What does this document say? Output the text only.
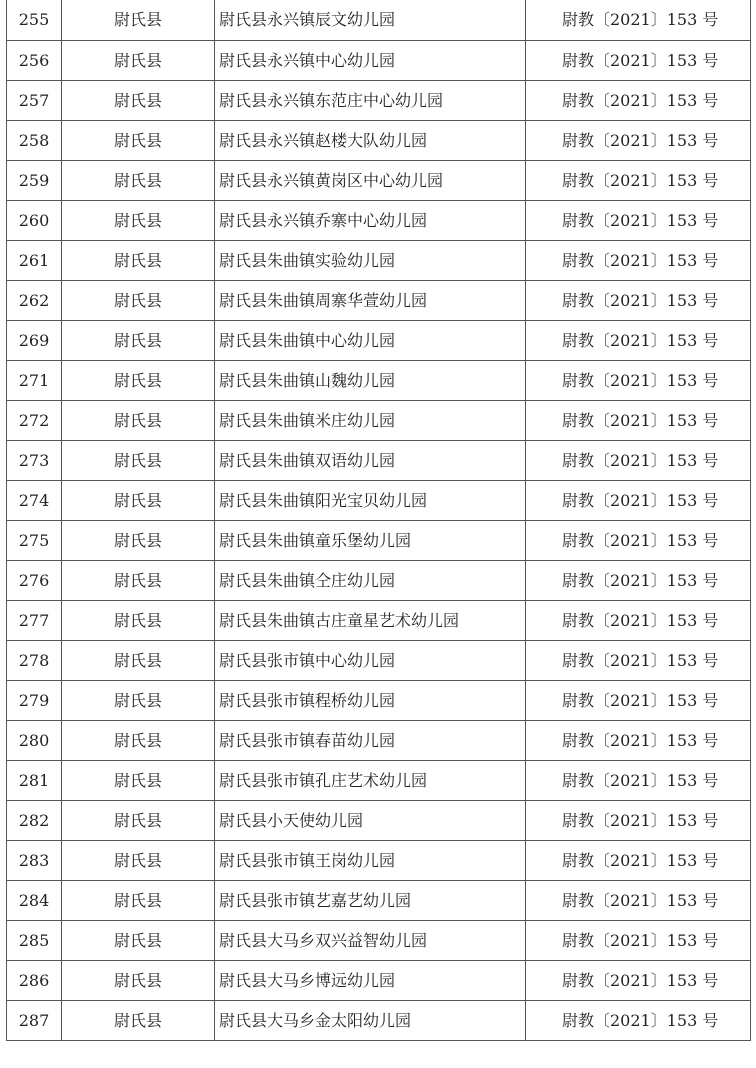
255	尉氏县	尉氏县永兴镇辰文幼儿园	尉教〔2021〕153 号
256	尉氏县	尉氏县永兴镇中心幼儿园	尉教〔2021〕153 号
257	尉氏县	尉氏县永兴镇东范庄中心幼儿园	尉教〔2021〕153 号
258	尉氏县	尉氏县永兴镇赵楼大队幼儿园	尉教〔2021〕153 号
259	尉氏县	尉氏县永兴镇黄岗区中心幼儿园	尉教〔2021〕153 号
260	尉氏县	尉氏县永兴镇乔寨中心幼儿园	尉教〔2021〕153 号
261	尉氏县	尉氏县朱曲镇实验幼儿园	尉教〔2021〕153 号
262	尉氏县	尉氏县朱曲镇周寨华萱幼儿园	尉教〔2021〕153 号
269	尉氏县	尉氏县朱曲镇中心幼儿园	尉教〔2021〕153 号
271	尉氏县	尉氏县朱曲镇山魏幼儿园	尉教〔2021〕153 号
272	尉氏县	尉氏县朱曲镇米庄幼儿园	尉教〔2021〕153 号
273	尉氏县	尉氏县朱曲镇双语幼儿园	尉教〔2021〕153 号
274	尉氏县	尉氏县朱曲镇阳光宝贝幼儿园	尉教〔2021〕153 号
275	尉氏县	尉氏县朱曲镇童乐堡幼儿园	尉教〔2021〕153 号
276	尉氏县	尉氏县朱曲镇仝庄幼儿园	尉教〔2021〕153 号
277	尉氏县	尉氏县朱曲镇古庄童星艺术幼儿园	尉教〔2021〕153 号
278	尉氏县	尉氏县张市镇中心幼儿园	尉教〔2021〕153 号
279	尉氏县	尉氏县张市镇程桥幼儿园	尉教〔2021〕153 号
280	尉氏县	尉氏县张市镇春苗幼儿园	尉教〔2021〕153 号
281	尉氏县	尉氏县张市镇孔庄艺术幼儿园	尉教〔2021〕153 号
282	尉氏县	尉氏县小天使幼儿园	尉教〔2021〕153 号
283	尉氏县	尉氏县张市镇王岗幼儿园	尉教〔2021〕153 号
284	尉氏县	尉氏县张市镇艺嘉艺幼儿园	尉教〔2021〕153 号
285	尉氏县	尉氏县大马乡双兴益智幼儿园	尉教〔2021〕153 号
286	尉氏县	尉氏县大马乡博远幼儿园	尉教〔2021〕153 号
287	尉氏县	尉氏县大马乡金太阳幼儿园	尉教〔2021〕153 号
